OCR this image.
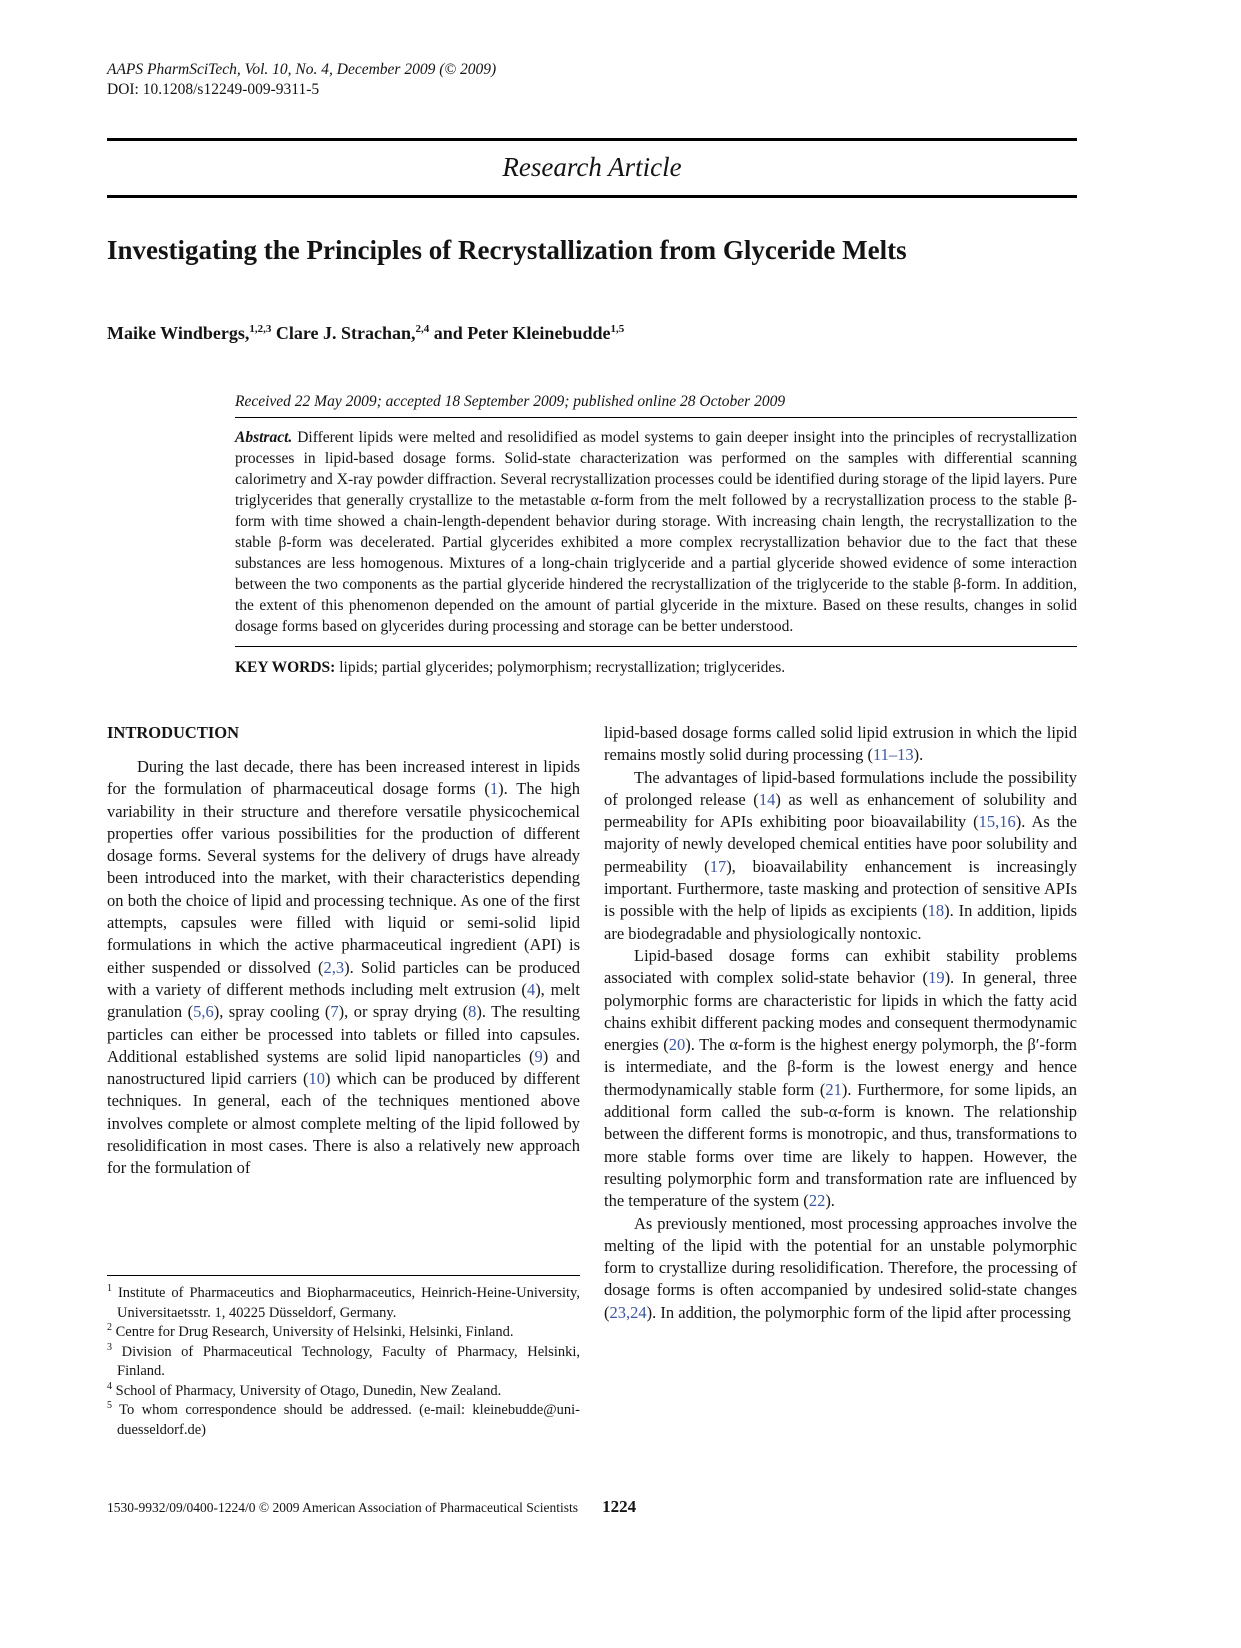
AAPS PharmSciTech, Vol. 10, No. 4, December 2009 (© 2009)
DOI: 10.1208/s12249-009-9311-5
Research Article
Investigating the Principles of Recrystallization from Glyceride Melts
Maike Windbergs,$^{1,2,3}$ Clare J. Strachan,$^{2,4}$ and Peter Kleinebudde$^{1,5}$
Received 22 May 2009; accepted 18 September 2009; published online 28 October 2009

Abstract. Different lipids were melted and resolidified as model systems to gain deeper insight into the principles of recrystallization processes in lipid-based dosage forms. Solid-state characterization was performed on the samples with differential scanning calorimetry and X-ray powder diffraction. Several recrystallization processes could be identified during storage of the lipid layers. Pure triglycerides that generally crystallize to the metastable α-form from the melt followed by a recrystallization process to the stable β-form with time showed a chain-length-dependent behavior during storage. With increasing chain length, the recrystallization to the stable β-form was decelerated. Partial glycerides exhibited a more complex recrystallization behavior due to the fact that these substances are less homogenous. Mixtures of a long-chain triglyceride and a partial glyceride showed evidence of some interaction between the two components as the partial glyceride hindered the recrystallization of the triglyceride to the stable β-form. In addition, the extent of this phenomenon depended on the amount of partial glyceride in the mixture. Based on these results, changes in solid dosage forms based on glycerides during processing and storage can be better understood.

KEY WORDS: lipids; partial glycerides; polymorphism; recrystallization; triglycerides.

INTRODUCTION

During the last decade, there has been increased interest in lipids for the formulation of pharmaceutical dosage forms (1). The high variability in their structure and therefore versatile physicochemical properties offer various possibilities for the production of different dosage forms. Several systems for the delivery of drugs have already been introduced into the market, with their characteristics depending on both the choice of lipid and processing technique. As one of the first attempts, capsules were filled with liquid or semi-solid lipid formulations in which the active pharmaceutical ingredient (API) is either suspended or dissolved (2,3). Solid particles can be produced with a variety of different methods including melt extrusion (4), melt granulation (5,6), spray cooling (7), or spray drying (8). The resulting particles can either be processed into tablets or filled into capsules. Additional established systems are solid lipid nanoparticles (9) and nanostructured lipid carriers (10) which can be produced by different techniques. In general, each of the techniques mentioned above involves complete or almost complete melting of the lipid followed by resolidification in most cases. There is also a relatively new approach for the formulation of

$^1$ Institute of Pharmaceutics and Biopharmaceutics, Heinrich-Heine-University, Universitaetsstr. 1, 40225 Düsseldorf, Germany.
$^2$ Centre for Drug Research, University of Helsinki, Helsinki, Finland.
$^3$ Division of Pharmaceutical Technology, Faculty of Pharmacy, Helsinki, Finland.
$^4$ School of Pharmacy, University of Otago, Dunedin, New Zealand.
$^5$ To whom correspondence should be addressed. (e-mail: kleinebudde@uni-duesseldorf.de)

lipid-based dosage forms called solid lipid extrusion in which the lipid remains mostly solid during processing (11–13).

The advantages of lipid-based formulations include the possibility of prolonged release (14) as well as enhancement of solubility and permeability for APIs exhibiting poor bioavailability (15,16). As the majority of newly developed chemical entities have poor solubility and permeability (17), bioavailability enhancement is increasingly important. Furthermore, taste masking and protection of sensitive APIs is possible with the help of lipids as excipients (18). In addition, lipids are biodegradable and physiologically nontoxic.

Lipid-based dosage forms can exhibit stability problems associated with complex solid-state behavior (19). In general, three polymorphic forms are characteristic for lipids in which the fatty acid chains exhibit different packing modes and consequent thermodynamic energies (20). The α-form is the highest energy polymorph, the β′-form is intermediate, and the β-form is the lowest energy and hence thermodynamically stable form (21). Furthermore, for some lipids, an additional form called the sub-α-form is known. The relationship between the different forms is monotropic, and thus, transformations to more stable forms over time are likely to happen. However, the resulting polymorphic form and transformation rate are influenced by the temperature of the system (22).

As previously mentioned, most processing approaches involve the melting of the lipid with the potential for an unstable polymorphic form to crystallize during resolidification. Therefore, the processing of dosage forms is often accompanied by undesired solid-state changes (23,24). In addition, the polymorphic form of the lipid after processing

1530-9932/09/0400-1224/0 © 2009 American Association of Pharmaceutical Scientists 1224
